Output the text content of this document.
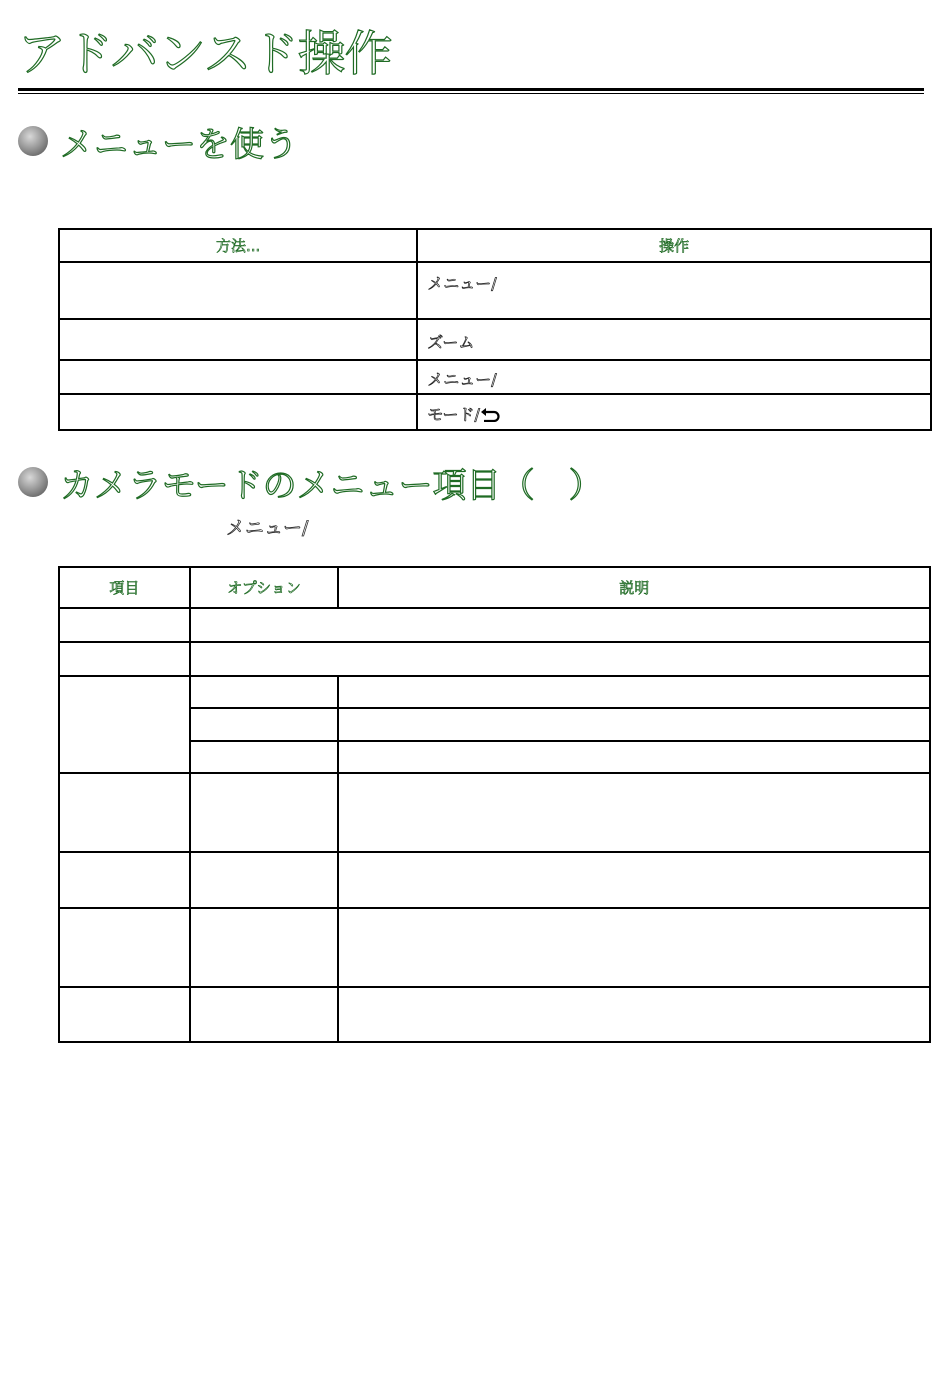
アドバンスド操作
メニューを使う
方法...	操作
	メニュー/
	ズーム
	メニュー/
	モード/
カメラモードのメニュー項目（　）
メニュー/
項目	オプション	説明
